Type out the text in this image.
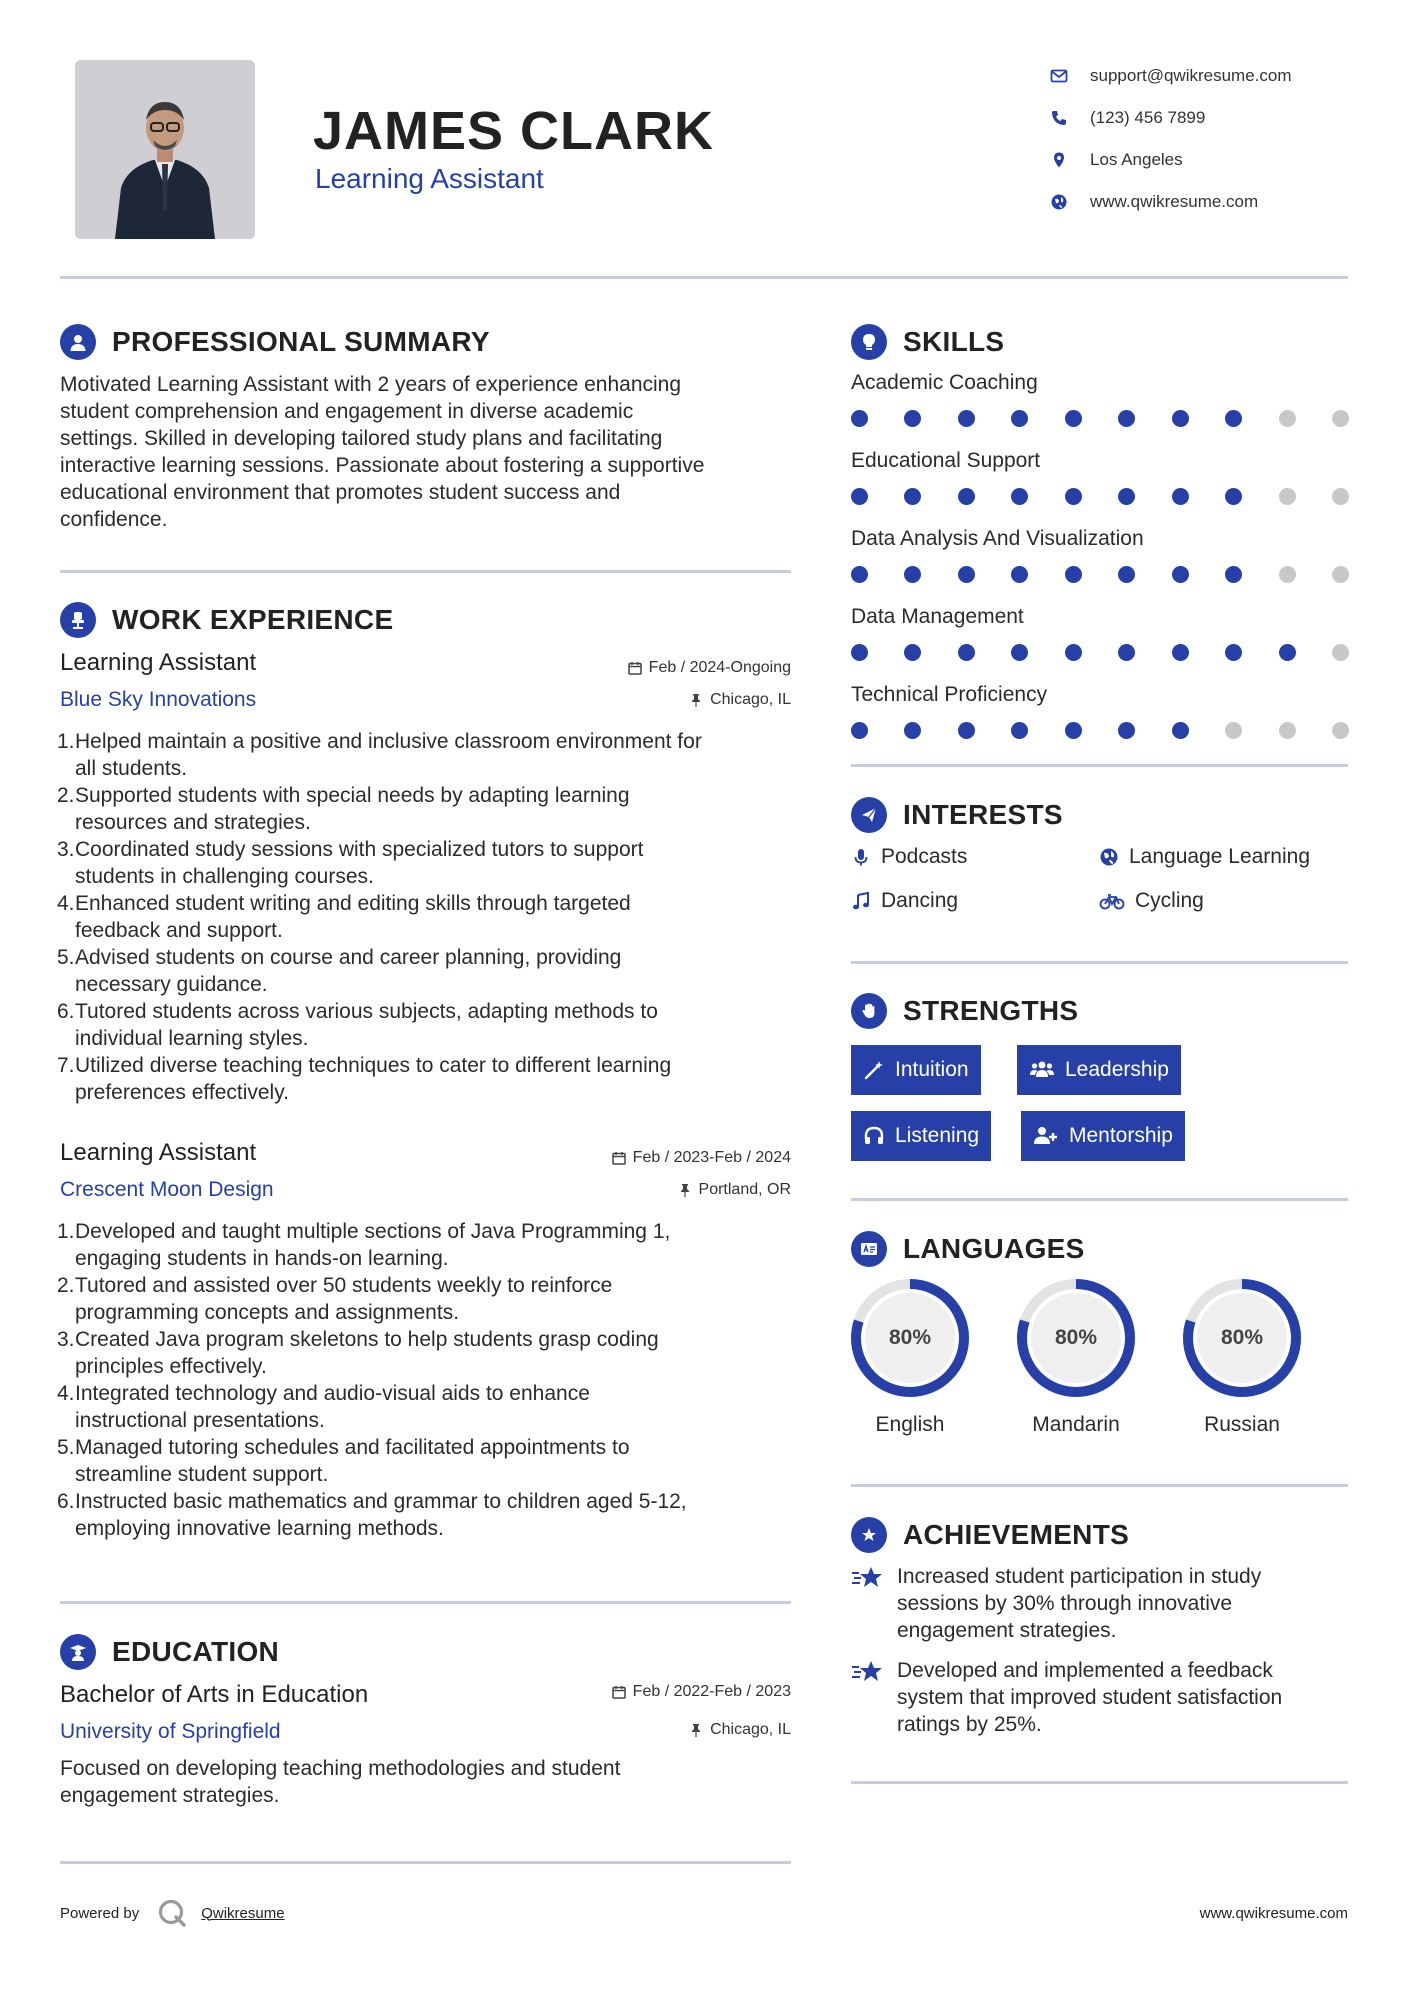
JAMES CLARK
Learning Assistant
support@qwikresume.com
(123) 456 7899
Los Angeles
www.qwikresume.com
PROFESSIONAL SUMMARY
Motivated Learning Assistant with 2 years of experience enhancing
student comprehension and engagement in diverse academic
settings. Skilled in developing tailored study plans and facilitating
interactive learning sessions. Passionate about fostering a supportive
educational environment that promotes student success and
confidence.
WORK EXPERIENCE
Learning Assistant	Feb / 2024-Ongoing
Blue Sky Innovations	Chicago, IL
1. Helped maintain a positive and inclusive classroom environment for
all students.
2. Supported students with special needs by adapting learning
resources and strategies.
3. Coordinated study sessions with specialized tutors to support
students in challenging courses.
4. Enhanced student writing and editing skills through targeted
feedback and support.
5. Advised students on course and career planning, providing
necessary guidance.
6. Tutored students across various subjects, adapting methods to
individual learning styles.
7. Utilized diverse teaching techniques to cater to different learning
preferences effectively.
Learning Assistant	Feb / 2023-Feb / 2024
Crescent Moon Design	Portland, OR
1. Developed and taught multiple sections of Java Programming 1,
engaging students in hands-on learning.
2. Tutored and assisted over 50 students weekly to reinforce
programming concepts and assignments.
3. Created Java program skeletons to help students grasp coding
principles effectively.
4. Integrated technology and audio-visual aids to enhance
instructional presentations.
5. Managed tutoring schedules and facilitated appointments to
streamline student support.
6. Instructed basic mathematics and grammar to children aged 5-12,
employing innovative learning methods.
EDUCATION
Bachelor of Arts in Education	Feb / 2022-Feb / 2023
University of Springfield	Chicago, IL
Focused on developing teaching methodologies and student
engagement strategies.
SKILLS
Academic Coaching
Educational Support
Data Analysis And Visualization
Data Management
Technical Proficiency
INTERESTS
Podcasts	Language Learning
Dancing	Cycling
STRENGTHS
Intuition	Leadership
Listening	Mentorship
LANGUAGES
80%
English
80%
Mandarin
80%
Russian
ACHIEVEMENTS
Increased student participation in study
sessions by 30% through innovative
engagement strategies.
Developed and implemented a feedback
system that improved student satisfaction
ratings by 25%.
Powered by	Qwikresume	www.qwikresume.com
